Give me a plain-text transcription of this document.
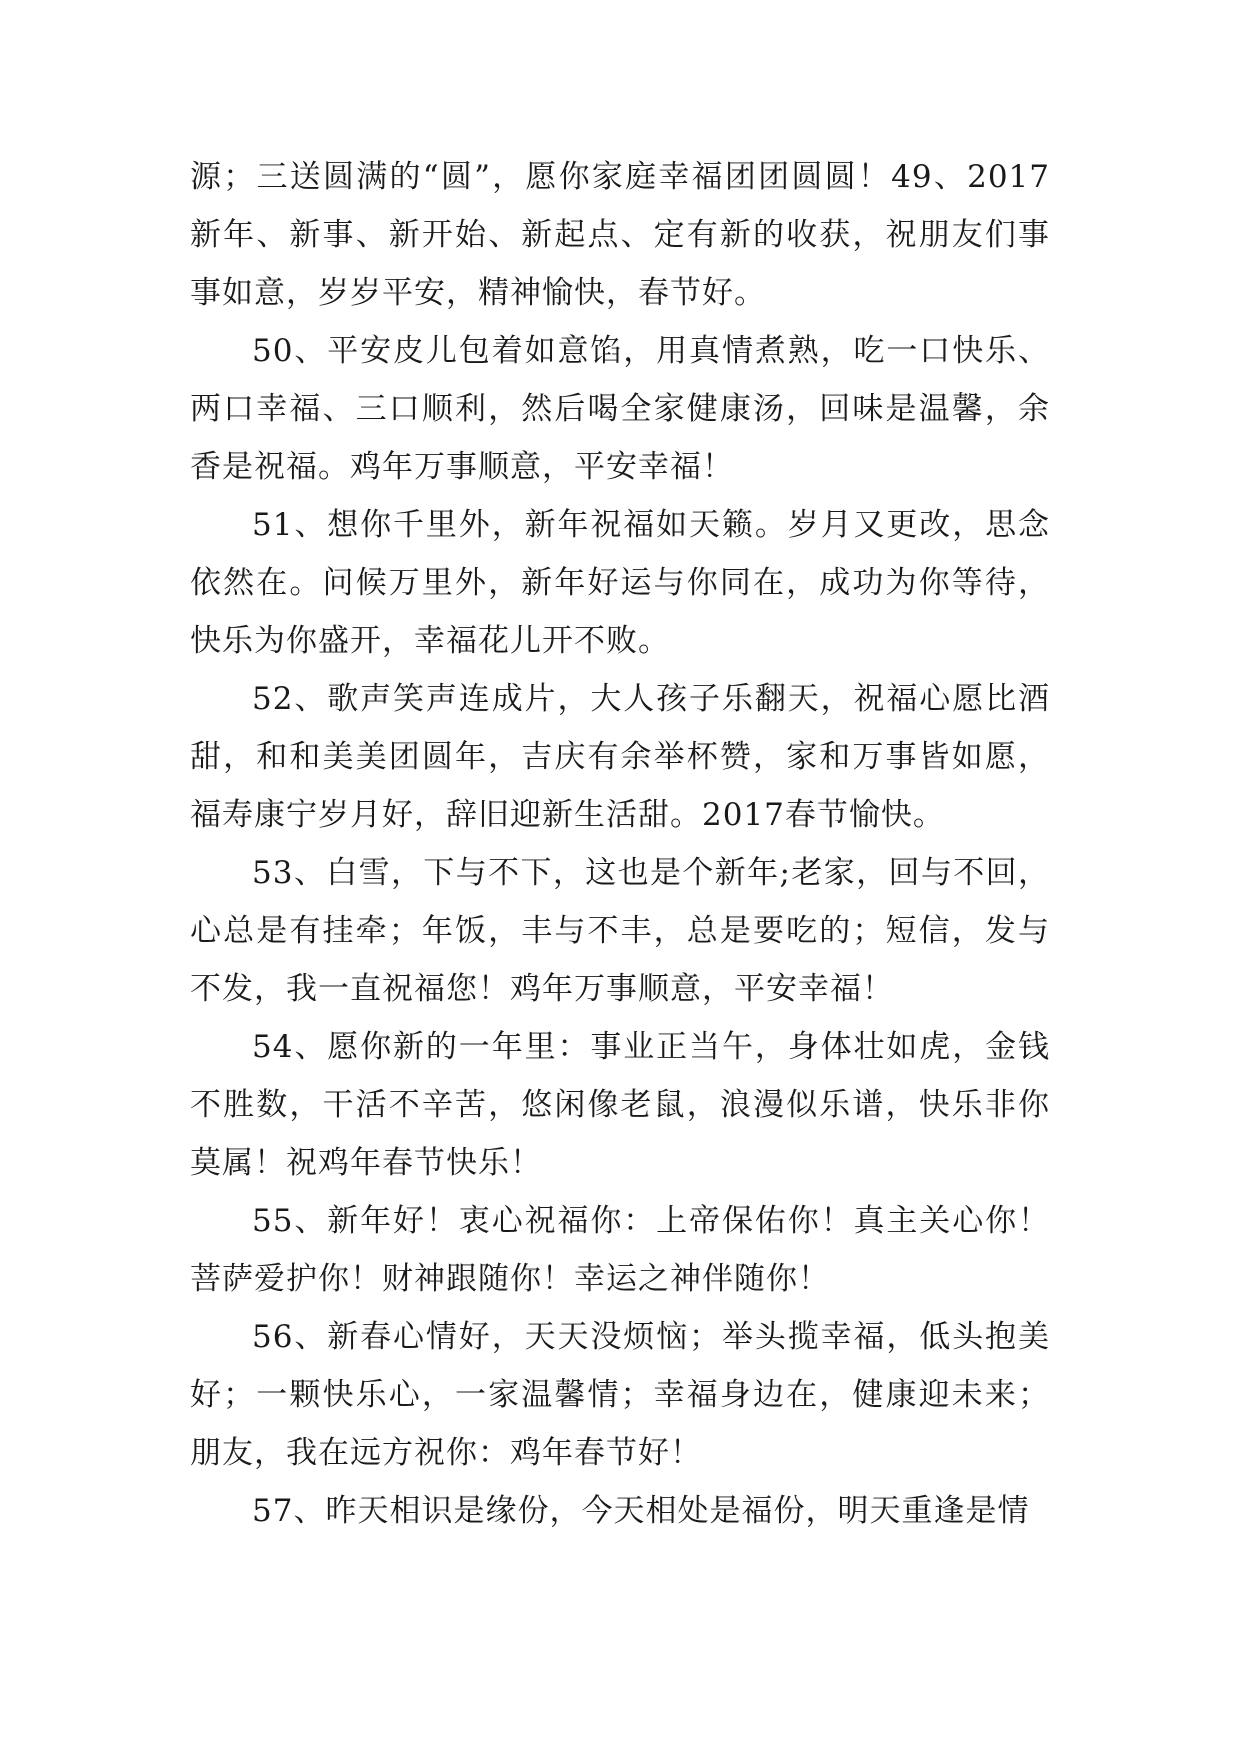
源；三送圆满的“圆”，愿你家庭幸福团团圆圆！49、2017新年、新事、新开始、新起点、定有新的收获，祝朋友们事事如意，岁岁平安，精神愉快，春节好。

50、平安皮儿包着如意馅，用真情煮熟，吃一口快乐、两口幸福、三口顺利，然后喝全家健康汤，回味是温馨，余香是祝福。鸡年万事顺意，平安幸福！

51、想你千里外，新年祝福如天籁。岁月又更改，思念依然在。问候万里外，新年好运与你同在，成功为你等待，快乐为你盛开，幸福花儿开不败。

52、歌声笑声连成片，大人孩子乐翻天，祝福心愿比酒甜，和和美美团圆年，吉庆有余举杯赞，家和万事皆如愿，福寿康宁岁月好，辞旧迎新生活甜。2017春节愉快。

53、白雪，下与不下，这也是个新年;老家，回与不回，心总是有挂牵；年饭，丰与不丰，总是要吃的；短信，发与不发，我一直祝福您！鸡年万事顺意，平安幸福！

54、愿你新的一年里：事业正当午，身体壮如虎，金钱不胜数，干活不辛苦，悠闲像老鼠，浪漫似乐谱，快乐非你莫属！祝鸡年春节快乐！

55、新年好！衷心祝福你：上帝保佑你！真主关心你！菩萨爱护你！财神跟随你！幸运之神伴随你！

56、新春心情好，天天没烦恼；举头揽幸福，低头抱美好；一颗快乐心，一家温馨情；幸福身边在，健康迎未来；朋友，我在远方祝你：鸡年春节好！

57、昨天相识是缘份，今天相处是福份，明天重逢是情
